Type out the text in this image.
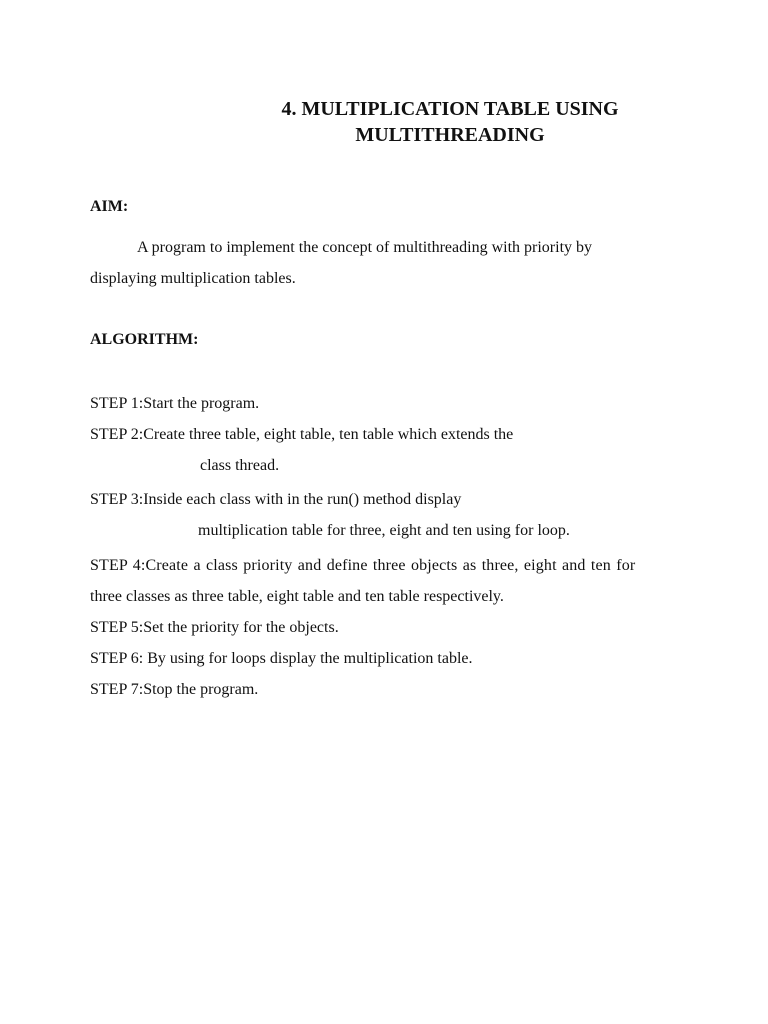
4. MULTIPLICATION TABLE USING
MULTITHREADING
AIM:
A program to implement the concept of multithreading with priority by
displaying multiplication tables.
ALGORITHM:
STEP 1:Start the program.
STEP 2:Create three table, eight table, ten table which extends the
class thread.
STEP 3:Inside each class with in the run() method display
multiplication table for three, eight and ten using for loop.
STEP 4:Create a class priority and define three objects as three, eight and ten for
three classes as three table, eight table and ten table respectively.
STEP 5:Set the priority for the objects.
STEP 6: By using for loops display the multiplication table.
STEP 7:Stop the program.
